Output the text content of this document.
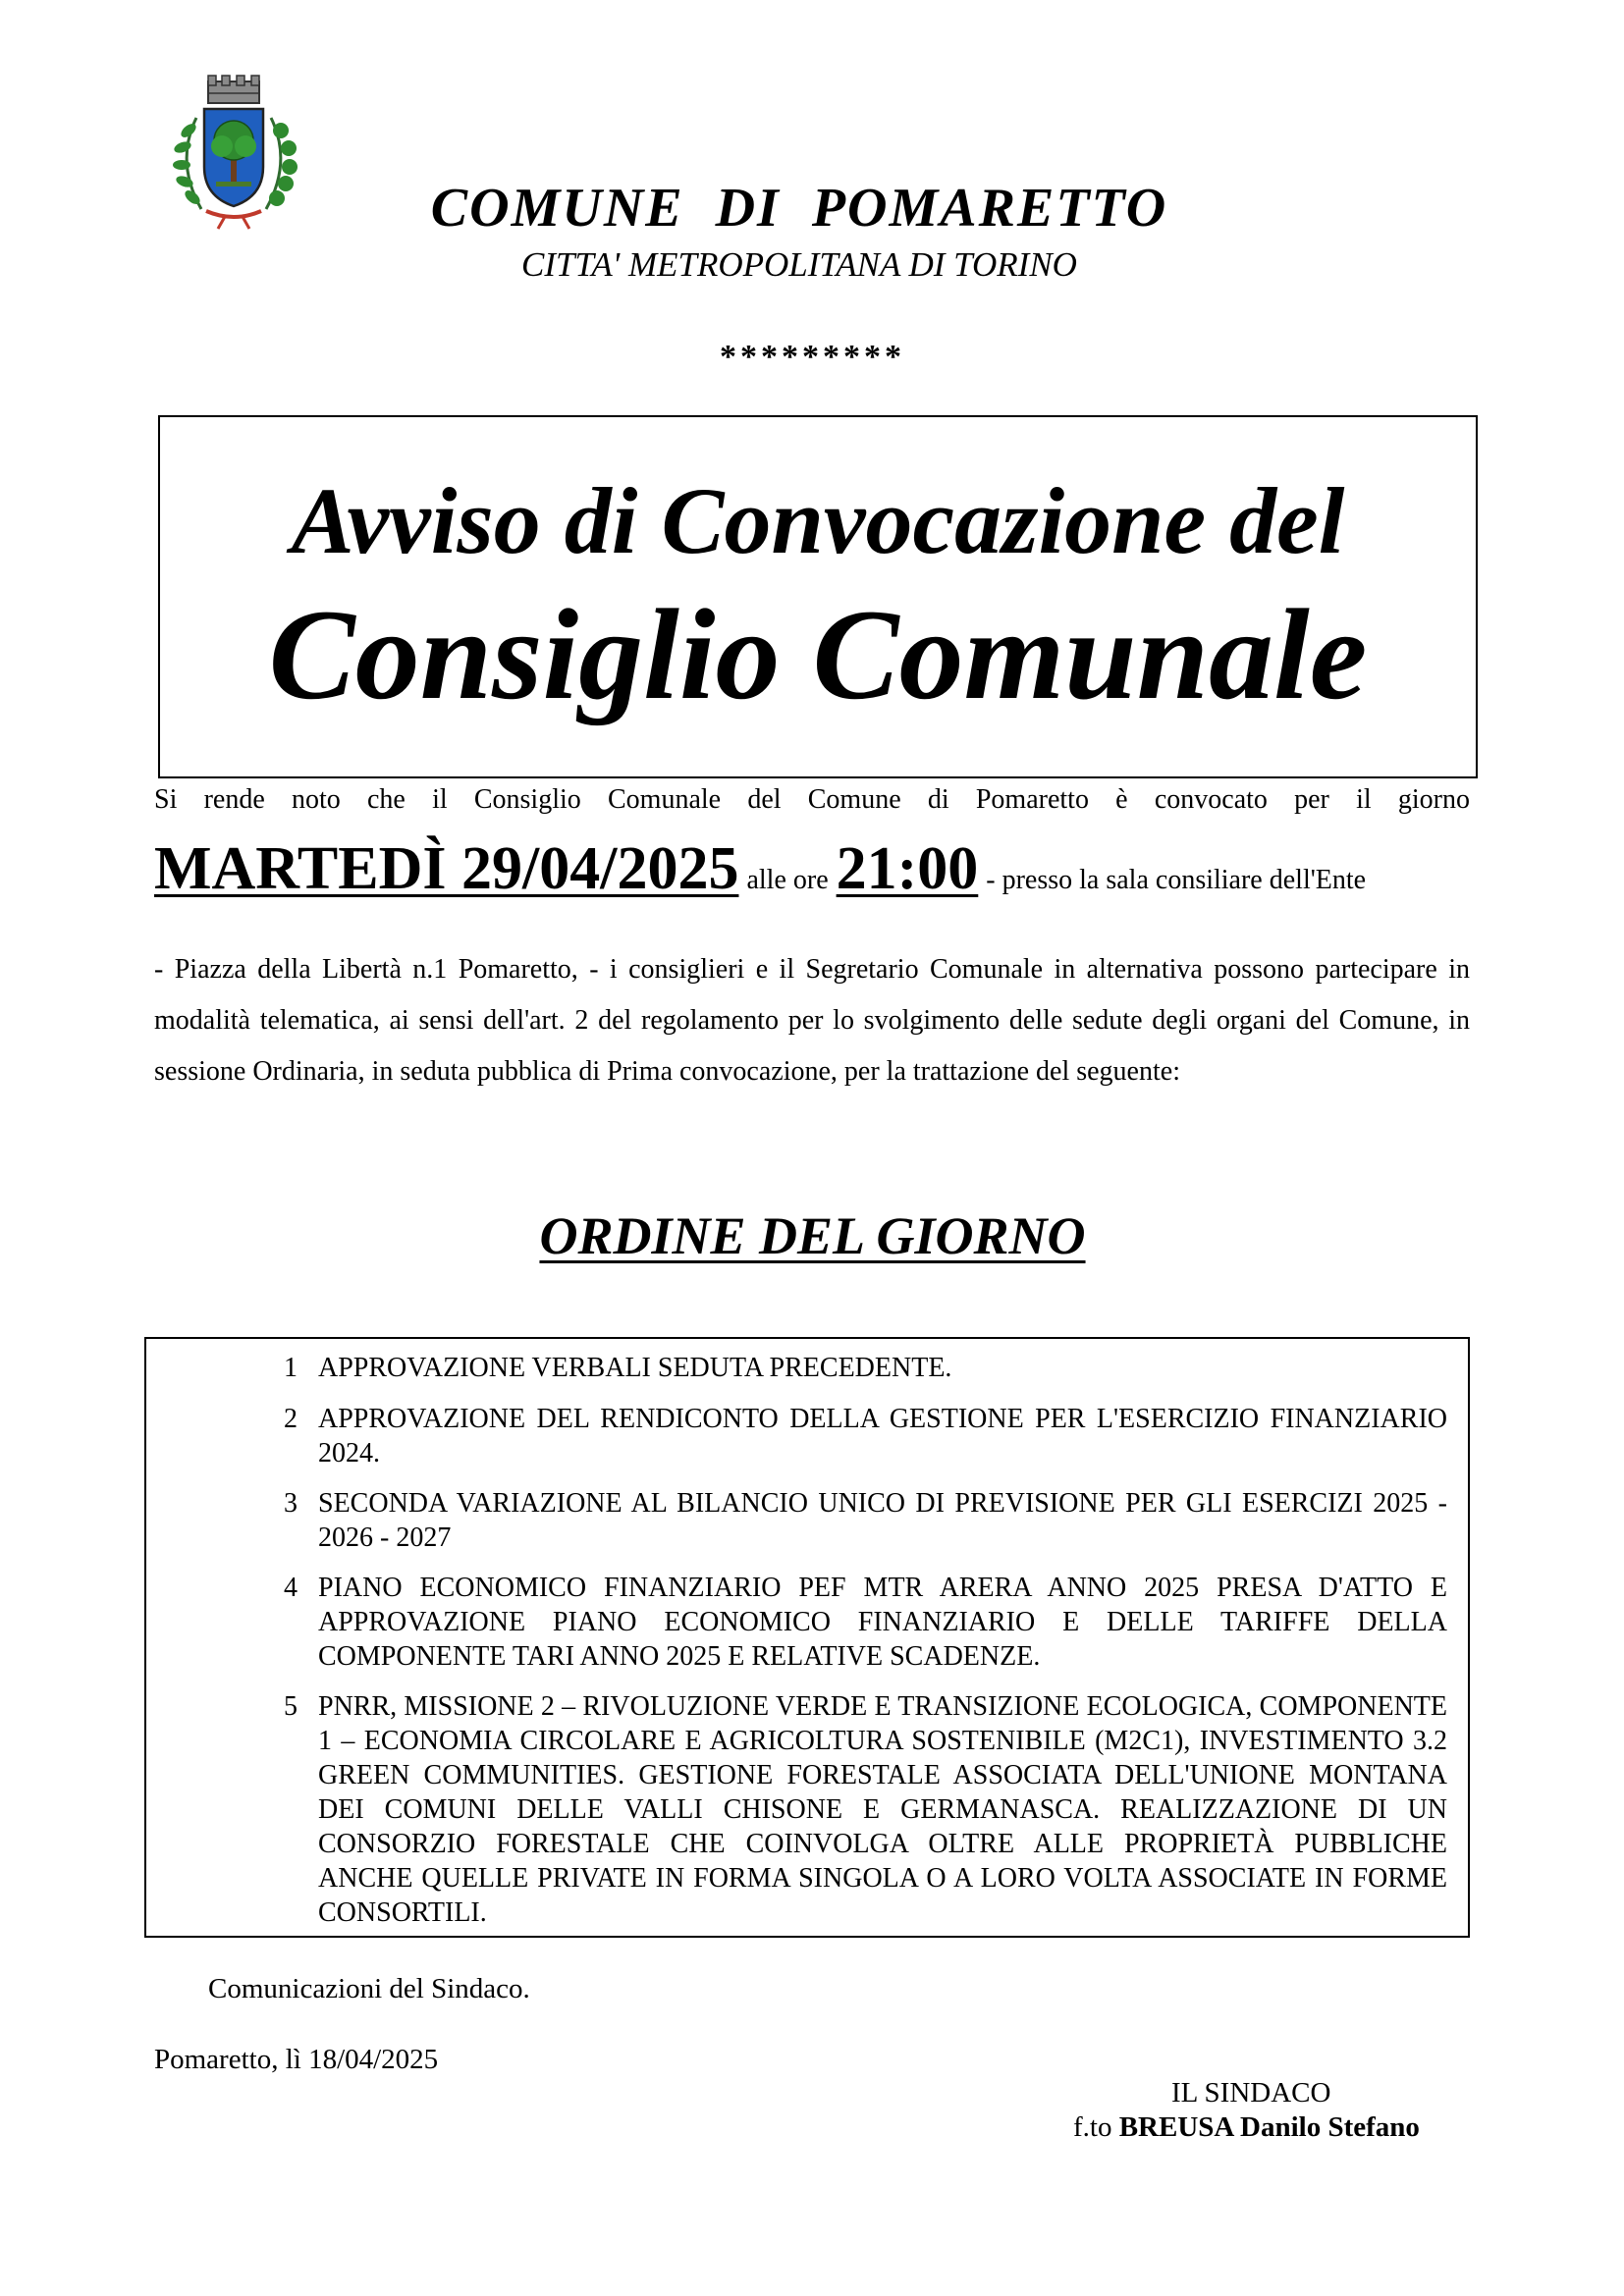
COMUNE  DI  POMARETTO
CITTA' METROPOLITANA DI TORINO
*********
Avviso di Convocazione del
Consiglio Comunale
Si rende noto che il Consiglio Comunale del Comune di Pomaretto è convocato per il giorno
MARTEDÌ 29/04/2025 alle ore 21:00 - presso la sala consiliare dell'Ente
- Piazza della Libertà n.1 Pomaretto, - i consiglieri e il Segretario Comunale in alternativa possono partecipare in modalità telematica, ai sensi dell'art. 2 del regolamento per lo svolgimento delle sedute degli organi del Comune, in sessione Ordinaria, in seduta pubblica di Prima convocazione, per la trattazione del seguente:
ORDINE DEL GIORNO
1 APPROVAZIONE VERBALI SEDUTA PRECEDENTE.
2 APPROVAZIONE DEL RENDICONTO DELLA GESTIONE PER L'ESERCIZIO FINANZIARIO 2024.
3 SECONDA VARIAZIONE AL BILANCIO UNICO DI PREVISIONE PER GLI ESERCIZI 2025 - 2026 - 2027
4 PIANO ECONOMICO FINANZIARIO PEF MTR ARERA ANNO 2025 PRESA D'ATTO E APPROVAZIONE PIANO ECONOMICO FINANZIARIO E DELLE TARIFFE DELLA COMPONENTE TARI ANNO 2025 E RELATIVE SCADENZE.
5 PNRR, MISSIONE 2 – RIVOLUZIONE VERDE E TRANSIZIONE ECOLOGICA, COMPONENTE 1 – ECONOMIA CIRCOLARE E AGRICOLTURA SOSTENIBILE (M2C1), INVESTIMENTO 3.2 GREEN COMMUNITIES. GESTIONE FORESTALE ASSOCIATA DELL'UNIONE MONTANA DEI COMUNI DELLE VALLI CHISONE E GERMANASCA. REALIZZAZIONE DI UN CONSORZIO FORESTALE CHE COINVOLGA OLTRE ALLE PROPRIETÀ PUBBLICHE ANCHE QUELLE PRIVATE IN FORMA SINGOLA O A LORO VOLTA ASSOCIATE IN FORME CONSORTILI.
Comunicazioni del Sindaco.
Pomaretto, lì 18/04/2025
IL SINDACO
f.to BREUSA Danilo Stefano
